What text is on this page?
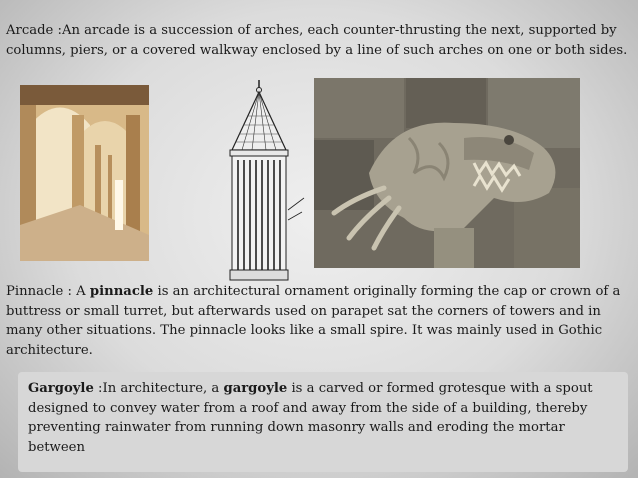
Arcade :An arcade is a succession of arches, each counter-thrusting the next, supported by columns, piers, or a covered walkway enclosed by a line of such arches on one or both sides.

Pinnacle : A pinnacle is an architectural ornament originally forming the cap or crown of a buttress or small turret, but afterwards used on parapet sat the corners of towers and in many other situations. The pinnacle looks like a small spire. It was mainly used in Gothic architecture.

Gargoyle :In architecture, a gargoyle is a carved or formed grotesque with a spout designed to convey water from a roof and away from the side of a building, thereby preventing rainwater from running down masonry walls and eroding the mortar between
